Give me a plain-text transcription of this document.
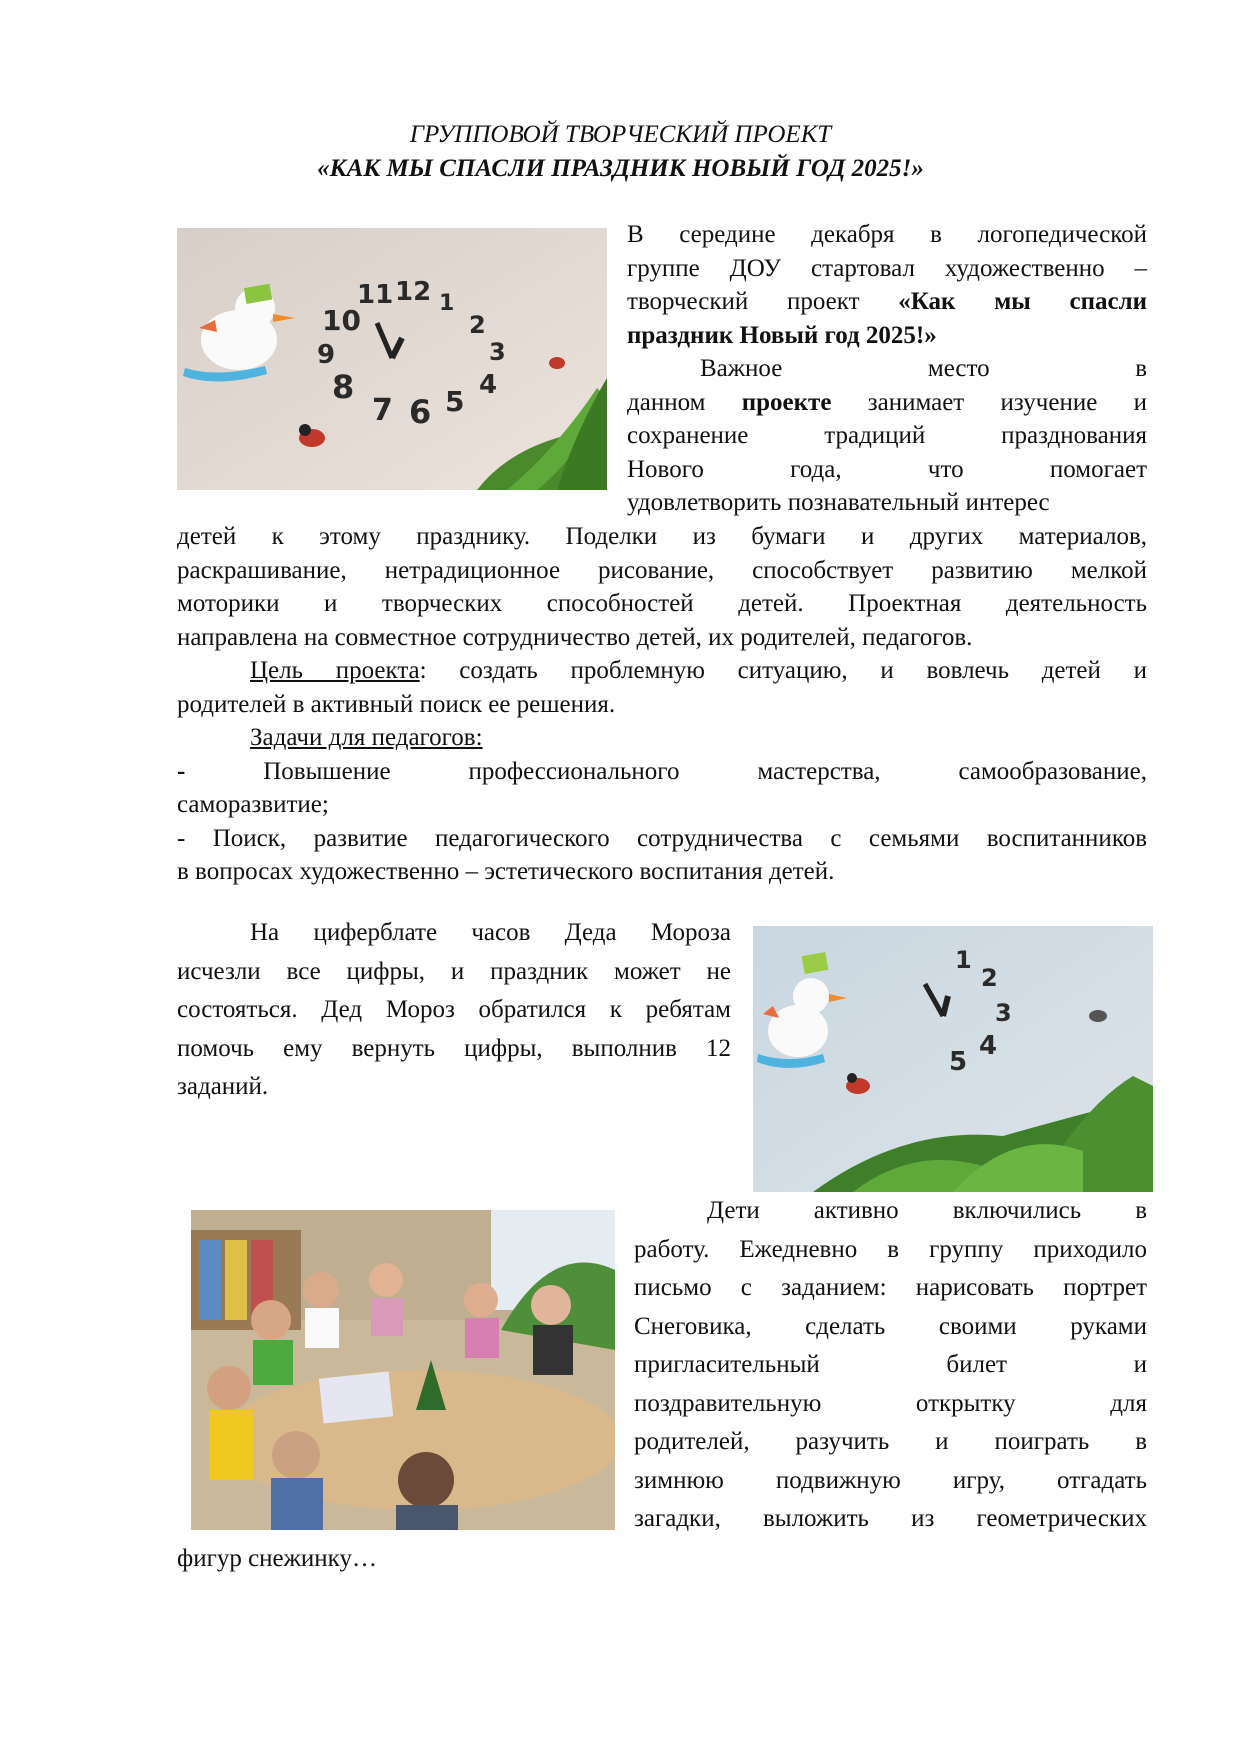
ГРУППОВОЙ ТВОРЧЕСКИЙ ПРОЕКТ
«КАК МЫ СПАСЛИ ПРАЗДНИК НОВЫЙ ГОД 2025!»
11 12 1
10	2
9	3
8	4
7 6 5
В середине декабря в логопедической
группе ДОУ стартовал художественно –
творческий проект «Как мы спасли
праздник Новый год 2025!»
Важное место в
данном проекте занимает изучение и
сохранение традиций празднования
Нового года, что помогает
удовлетворить познавательный интерес
детей к этому празднику. Поделки из бумаги и других материалов,
раскрашивание, нетрадиционное рисование, способствует развитию мелкой
моторики и творческих способностей детей. Проектная деятельность
направлена на совместное сотрудничество детей, их родителей, педагогов.
Цель проекта: создать проблемную ситуацию, и вовлечь детей и
родителей в активный поиск ее решения.
Задачи для педагогов:
-	Повышение профессионального мастерства, самообразование,
саморазвитие;
- Поиск, развитие педагогического сотрудничества с семьями воспитанников
в вопросах художественно – эстетического воспитания детей.
На циферблате часов Деда Мороза
исчезли все цифры, и праздник может не
состояться. Дед Мороз обратился к ребятам
помочь ему вернуть цифры, выполнив 12
заданий.
1
2
3
4
5
Дети активно включились в
работу. Ежедневно в группу приходило
письмо с заданием: нарисовать портрет
Снеговика, сделать своими руками
пригласительный билет и
поздравительную открытку для
родителей, разучить и поиграть в
зимнюю подвижную игру, отгадать
загадки, выложить из геометрических
фигур снежинку…
